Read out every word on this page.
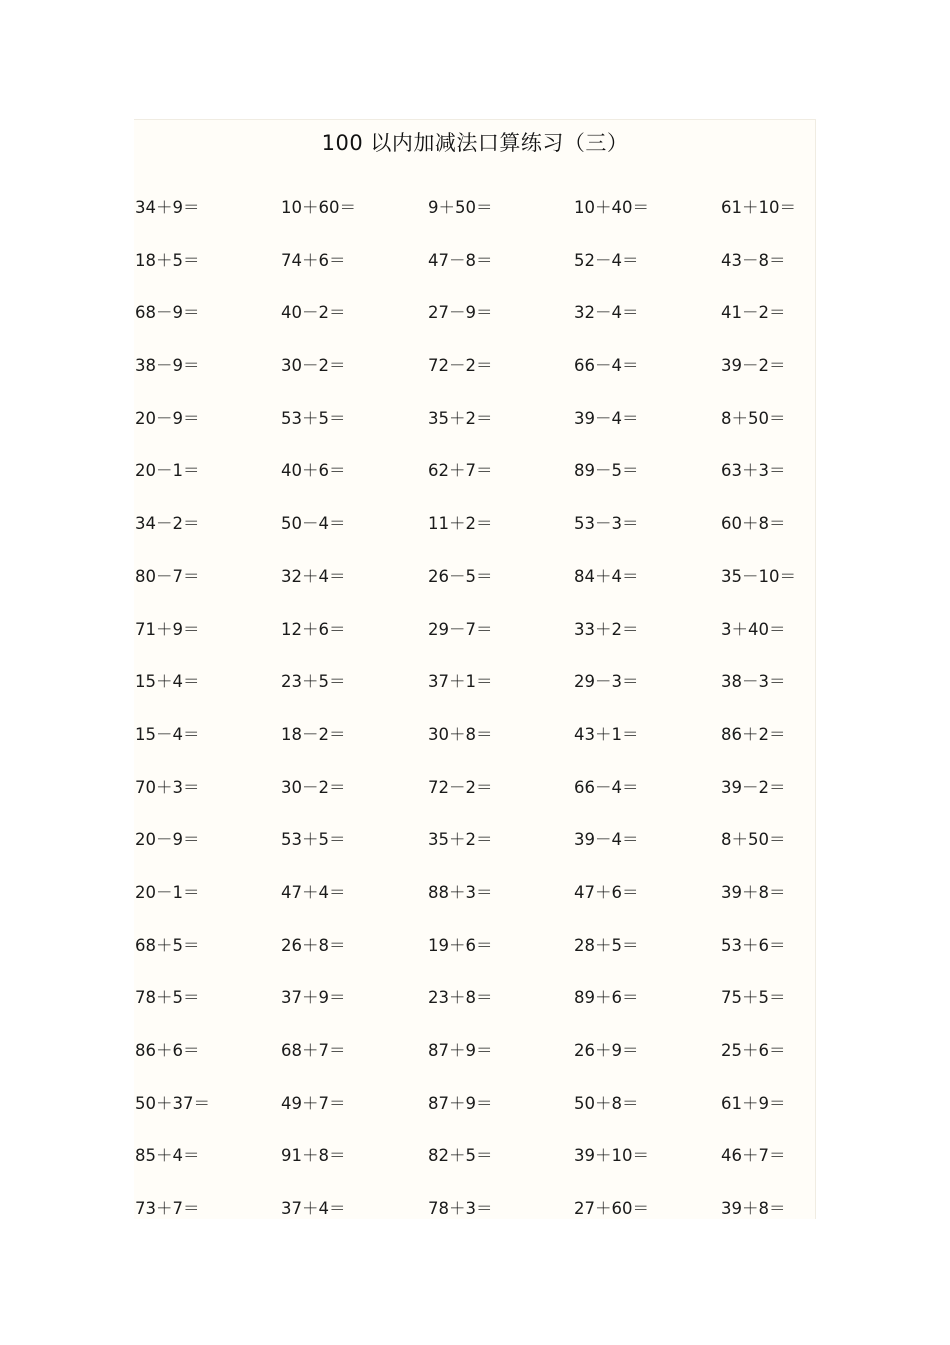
100 以内加减法口算练习（三）
34＋9＝	10＋60＝	9＋50＝	10＋40＝	61＋10＝
18＋5＝	74＋6＝	47－8＝	52－4＝	43－8＝
68－9＝	40－2＝	27－9＝	32－4＝	41－2＝
38－9＝	30－2＝	72－2＝	66－4＝	39－2＝
20－9＝	53＋5＝	35＋2＝	39－4＝	8＋50＝
20－1＝	40＋6＝	62＋7＝	89－5＝	63＋3＝
34－2＝	50－4＝	11＋2＝	53－3＝	60＋8＝
80－7＝	32＋4＝	26－5＝	84＋4＝	35－10＝
71＋9＝	12＋6＝	29－7＝	33＋2＝	3＋40＝
15＋4＝	23＋5＝	37＋1＝	29－3＝	38－3＝
15－4＝	18－2＝	30＋8＝	43＋1＝	86＋2＝
70＋3＝	30－2＝	72－2＝	66－4＝	39－2＝
20－9＝	53＋5＝	35＋2＝	39－4＝	8＋50＝
20－1＝	47＋4＝	88＋3＝	47＋6＝	39＋8＝
68＋5＝	26＋8＝	19＋6＝	28＋5＝	53＋6＝
78＋5＝	37＋9＝	23＋8＝	89＋6＝	75＋5＝
86＋6＝	68＋7＝	87＋9＝	26＋9＝	25＋6＝
50＋37＝	49＋7＝	87＋9＝	50＋8＝	61＋9＝
85＋4＝	91＋8＝	82＋5＝	39＋10＝	46＋7＝
73＋7＝	37＋4＝	78＋3＝	27＋60＝	39＋8＝
